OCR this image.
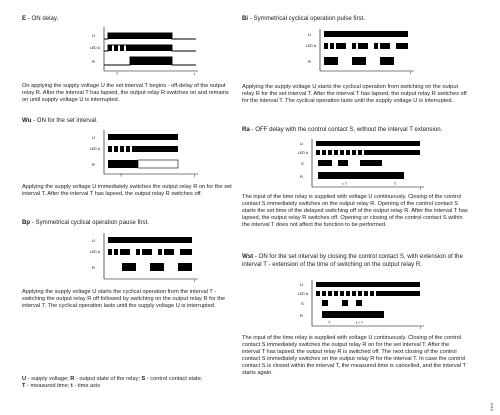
E - ON delay.
U
LED U
R
T	t

On applying the supply voltage U the set interval T begins - off-delay of the output relay R. After the interval T has lapsed, the output relay R switches on and remains on until supply voltage U is interrupted.

Wu - ON for the set interval.
U
LED U
R
T	t

Applying the supply voltage U immediately switches the output relay R on for the set interval T. After the interval T has lapsed, the output relay R switches off.

Bp - Symmetrical cyclical operation pause first.
U
LED U
R
t

Applying the supply voltage U starts the cyclical operation from the interval T - switching the output relay R off followed by switching on the output relay R for the interval T. The cyclical operation lasts until the supply voltage U is interrupted.

U - supply voltage; R - output state of the relay; S - control contact state;
T - measured time; t - time axis
Bi - Symmetrical cyclical operation pulse first.
U
LED U
R
t

Applying the supply voltage U starts the cyclical operation from switching on the output relay R for the set interval T. After the interval T has lapsed, the output relay R switches off for the interval T. The cyclical operation lasts until the supply voltage U is interrupted.

Ra - OFF delay with the control contact S, without the interval T extension.
U
LED U
S
R
< T	T
t

The input of the time relay is supplied with voltage U continuously. Closing of the control contact S immediately switches on the output relay R. Opening of the control contact S starts the set time of the delayed switching off of the output relay R. After the interval T has lapsed, the output relay R switches off. Opening or closing of the control contact S within the interval T does not affect the function to be performed.

Wst - ON for the set interval by closing the control contact S, with extension of the interval T - extension of the time of switching on the output relay R.
U
LED U
S
R
T	t + T
t

The input of the time relay is supplied with voltage U continuously. Closing of the control contact S immediately switches the output relay R on for the set interval T. After the interval T has lapsed, the output relay R is switched off. The next closing of the control contact S immediately switches on the output relay R for the interval T. In case the control contact S is closed within the interval T, the measured time is cancelled, and the interval T starts again.

www
